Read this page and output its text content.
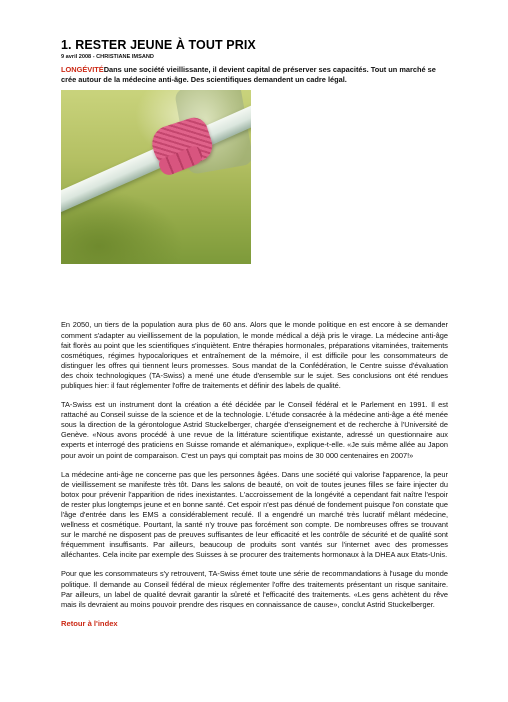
1. RESTER JEUNE À TOUT PRIX
9 avril 2008 - CHRISTIANE IMSAND
LONGÉVITÉDans une société vieillissante, il devient capital de préserver ses capacités. Tout un marché se crée autour de la médecine anti-âge. Des scientifiques demandent un cadre légal.

En 2050, un tiers de la population aura plus de 60 ans. Alors que le monde politique en est encore à se demander comment s'adapter au vieillissement de la population, le monde médical a déjà pris le virage. La médecine anti-âge fait florès au point que les scientifiques s'inquiètent. Entre thérapies hormonales, préparations vitaminées, traitements cosmétiques, régimes hypocaloriques et entraînement de la mémoire, il est difficile pour les consommateurs de distinguer les offres qui tiennent leurs promesses. Sous mandat de la Confédération, le Centre suisse d'évaluation des choix technologiques (TA-Swiss) a mené une étude d'ensemble sur le sujet. Ses conclusions ont été rendues publiques hier: il faut réglementer l'offre de traitements et définir des labels de qualité.

TA-Swiss est un instrument dont la création a été décidée par le Conseil fédéral et le Parlement en 1991. Il est rattaché au Conseil suisse de la science et de la technologie. L'étude consacrée à la médecine anti-âge a été menée sous la direction de la gérontologue Astrid Stuckelberger, chargée d'enseignement et de recherche à l'Université de Genève. «Nous avons procédé à une revue de la littérature scientifique existante, adressé un questionnaire aux experts et interrogé des praticiens en Suisse romande et alémanique», explique-t-elle. «Je suis même allée au Japon pour avoir un point de comparaison. C'est un pays qui comptait pas moins de 30 000 centenaires en 2007!»

La médecine anti-âge ne concerne pas que les personnes âgées. Dans une société qui valorise l'apparence, la peur de vieillissement se manifeste très tôt. Dans les salons de beauté, on voit de toutes jeunes filles se faire injecter du botox pour prévenir l'apparition de rides inexistantes. L'accroissement de la longévité a cependant fait naître l'espoir de rester plus longtemps jeune et en bonne santé. Cet espoir n'est pas dénué de fondement puisque l'on constate que l'âge d'entrée dans les EMS a considérablement reculé. Il a engendré un marché très lucratif mêlant médecine, wellness et cosmétique. Pourtant, la santé n'y trouve pas forcément son compte. De nombreuses offres se trouvant sur le marché ne disposent pas de preuves suffisantes de leur efficacité et les contrôle de sécurité et de qualité sont fréquemment insuffisants. Par ailleurs, beaucoup de produits sont vantés sur l'internet avec des promesses alléchantes. Cela incite par exemple des Suisses à se procurer des traitements hormonaux à la DHEA aux Etats-Unis.

Pour que les consommateurs s'y retrouvent, TA-Swiss émet toute une série de recommandations à l'usage du monde politique. Il demande au Conseil fédéral de mieux réglementer l'offre des traitements présentant un risque sanitaire. Par ailleurs, un label de qualité devrait garantir la sûreté et l'efficacité des traitements. «Les gens achètent du rêve mais ils devraient au moins pouvoir prendre des risques en connaissance de cause», conclut Astrid Stuckelberger.

Retour à l'index
